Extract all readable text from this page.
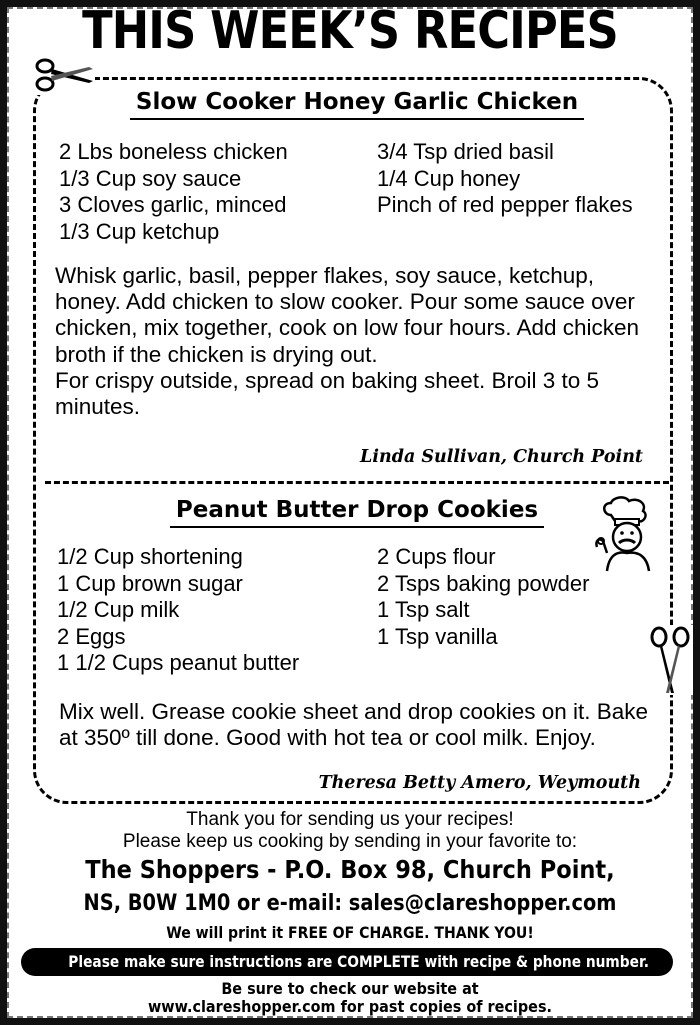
THIS WEEK’S RECIPES
Slow Cooker Honey Garlic Chicken
2 Lbs boneless chicken
1/3 Cup soy sauce
3 Cloves garlic, minced
1/3 Cup ketchup
3/4 Tsp dried basil
1/4 Cup honey
Pinch of red pepper flakes

Whisk garlic, basil, pepper flakes, soy sauce, ketchup, honey. Add chicken to slow cooker. Pour some sauce over chicken, mix together, cook on low four hours. Add chicken broth if the chicken is drying out.

For crispy outside, spread on baking sheet. Broil 3 to 5 minutes.

Linda Sullivan, Church Point
Peanut Butter Drop Cookies
1/2 Cup shortening
1 Cup brown sugar
1/2 Cup milk
2 Eggs
1 1/2 Cups peanut butter
2 Cups flour
2 Tsps baking powder
1 Tsp salt
1 Tsp vanilla

Mix well. Grease cookie sheet and drop cookies on it. Bake at 350º till done. Good with hot tea or cool milk. Enjoy.

Theresa Betty Amero, Weymouth
Thank you for sending us your recipes!
Please keep us cooking by sending in your favorite to:
The Shoppers - P.O. Box 98, Church Point,
NS, B0W 1M0 or e-mail: sales@clareshopper.com
We will print it FREE OF CHARGE. THANK YOU!
Please make sure instructions are COMPLETE with recipe & phone number.
Be sure to check our website at
www.clareshopper.com for past copies of recipes.
